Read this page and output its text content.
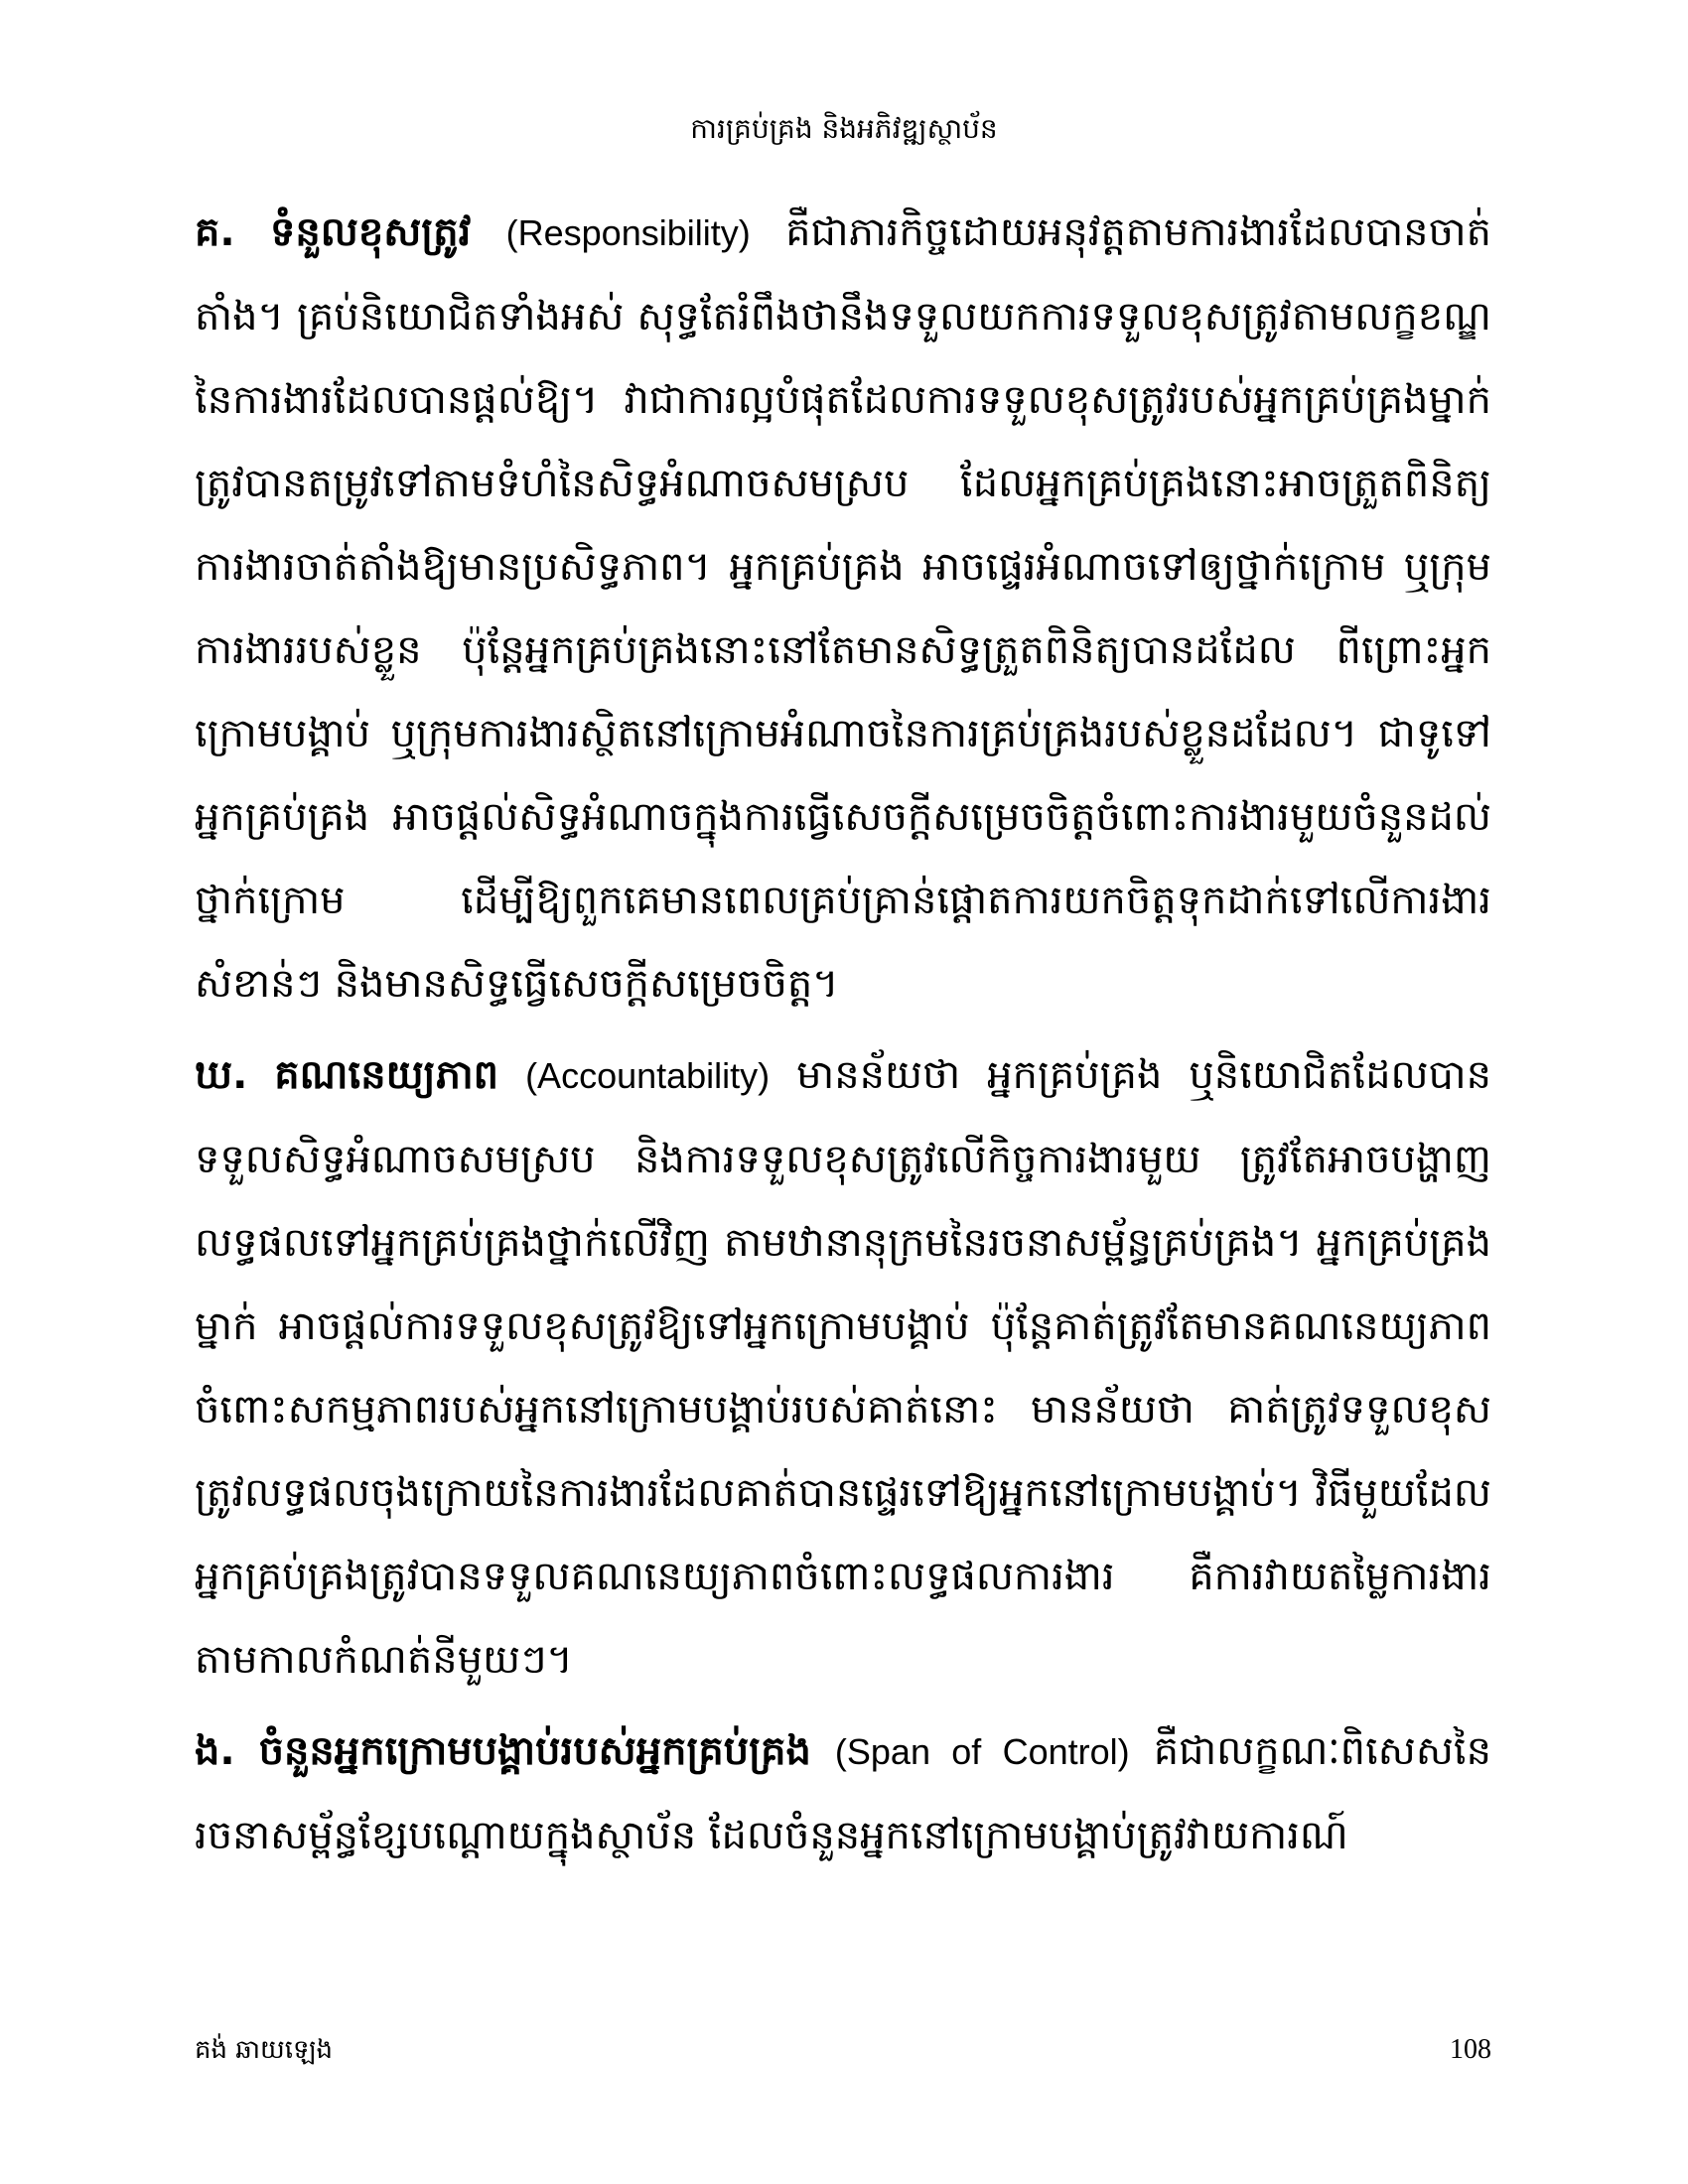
ការគ្រប់គ្រង និងអភិវឌ្ឍស្ថាប័ន

គ. ទំនួលខុសត្រូវ (Responsibility) គឺជាភារកិច្ចដោយអនុវត្តតាមការងារដែលបានចាត់តាំង។ គ្រប់និយោជិតទាំងអស់ សុទ្ធតែរំពឹងថានឹងទទួលយកការទទួលខុសត្រូវតាមលក្ខខណ្ឌនៃការងារដែលបានផ្តល់ឱ្យ។ វាជាការល្អបំផុតដែលការទទួលខុសត្រូវរបស់អ្នកគ្រប់គ្រងម្នាក់ ត្រូវបានតម្រូវទៅតាមទំហំនៃសិទ្ធអំណាចសមស្រប ដែលអ្នកគ្រប់គ្រងនោះអាចត្រួតពិនិត្យការងារចាត់តាំងឱ្យមានប្រសិទ្ធភាព។ អ្នកគ្រប់គ្រង អាចផ្ទេរអំណាចទៅឲ្យថ្នាក់ក្រោម ឬក្រុមការងាររបស់ខ្លួន ប៉ុន្តែអ្នកគ្រប់គ្រងនោះនៅតែមានសិទ្ធត្រួតពិនិត្យបានដដែល ពីព្រោះអ្នកក្រោមបង្គាប់ ឬក្រុមការងារស្ថិតនៅក្រោមអំណាចនៃការគ្រប់គ្រងរបស់ខ្លួនដដែល។ ជាទូទៅ អ្នកគ្រប់គ្រង អាចផ្តល់សិទ្ធអំណាចក្នុងការធ្វើសេចក្តីសម្រេចចិត្តចំពោះការងារមួយចំនួនដល់ថ្នាក់ក្រោម ដើម្បីឱ្យពួកគេមានពេលគ្រប់គ្រាន់ផ្តោតការយកចិត្តទុកដាក់ទៅលើការងារសំខាន់ៗ និងមានសិទ្ធធ្វើសេចក្តីសម្រេចចិត្ត។

ឃ. គណនេយ្យភាព (Accountability) មានន័យថា អ្នកគ្រប់គ្រង ឬនិយោជិតដែលបានទទួលសិទ្ធអំណាចសមស្រប និងការទទួលខុសត្រូវលើកិច្ចការងារមួយ ត្រូវតែអាចបង្ហាញលទ្ធផលទៅអ្នកគ្រប់គ្រងថ្នាក់លើវិញ តាមឋានានុក្រមនៃរចនាសម្ព័ន្ធគ្រប់គ្រង។ អ្នកគ្រប់គ្រងម្នាក់ អាចផ្តល់ការទទួលខុសត្រូវឱ្យទៅអ្នកក្រោមបង្គាប់ ប៉ុន្តែគាត់ត្រូវតែមានគណនេយ្យភាពចំពោះសកម្មភាពរបស់អ្នកនៅក្រោមបង្គាប់របស់គាត់នោះ មានន័យថា គាត់ត្រូវទទួលខុសត្រូវលទ្ធផលចុងក្រោយនៃការងារដែលគាត់បានផ្ទេរទៅឱ្យអ្នកនៅក្រោមបង្គាប់។ វិធីមួយដែលអ្នកគ្រប់គ្រងត្រូវបានទទួលគណនេយ្យភាពចំពោះលទ្ធផលការងារ គឺការវាយតម្លៃការងារតាមកាលកំណត់នីមួយៗ។

ង. ចំនួនអ្នកក្រោមបង្គាប់របស់អ្នកគ្រប់គ្រង (Span of Control) គឺជាលក្ខណៈពិសេសនៃរចនាសម្ព័ន្ធខ្សែបណ្តោយក្នុងស្ថាប័ន ដែលចំនួនអ្នកនៅក្រោមបង្គាប់ត្រូវវាយការណ៍

គង់ ឆាយឡេង	108
